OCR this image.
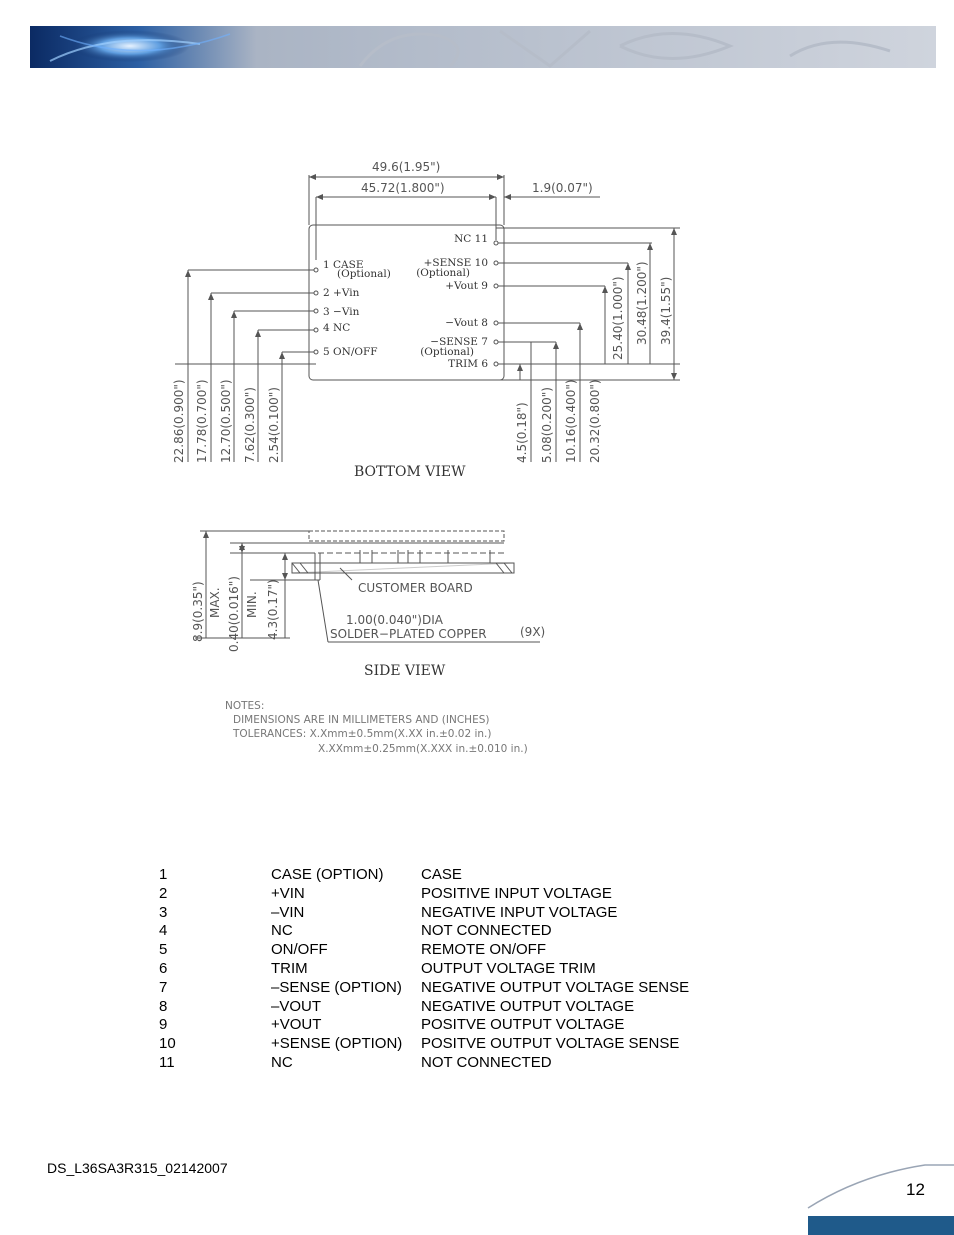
49.6(1.95")
45.72(1.800")	1.9(0.07")
1 CASE
(Optional)
2 +Vin
3 −Vin
4 NC
5 ON/OFF
NC 11
+SENSE 10
(Optional)
+Vout 9
−Vout 8
−SENSE 7
(Optional)
TRIM 6
22.86(0.900") 17.78(0.700") 12.70(0.500") 7.62(0.300") 2.54(0.100")	4.5(0.18") 5.08(0.200") 10.16(0.400") 20.32(0.800")
25.40(1.000") 30.48(1.200") 39.4(1.55")
BOTTOM VIEW
8.9(0.35") MAX. 0.40(0.016") MIN. 4.3(0.17")	CUSTOMER BOARD
1.00(0.040")DIA
SOLDER−PLATED COPPER	(9X)
SIDE VIEW
NOTES:
DIMENSIONS ARE IN MILLIMETERS AND (INCHES)
TOLERANCES: X.Xmm±0.5mm(X.XX in.±0.02 in.)
X.XXmm±0.25mm(X.XXX in.±0.010 in.)
1	CASE (OPTION)	CASE
2	+VIN	POSITIVE INPUT VOLTAGE
3	–VIN	NEGATIVE INPUT VOLTAGE
4	NC	NOT CONNECTED
5	ON/OFF	REMOTE ON/OFF
6	TRIM	OUTPUT VOLTAGE TRIM
7	–SENSE (OPTION)	NEGATIVE OUTPUT VOLTAGE SENSE
8	–VOUT	NEGATIVE OUTPUT VOLTAGE
9	+VOUT	POSITVE OUTPUT VOLTAGE
10	+SENSE (OPTION)	POSITVE OUTPUT VOLTAGE SENSE
11	NC	NOT CONNECTED
DS_L36SA3R315_02142007
12
